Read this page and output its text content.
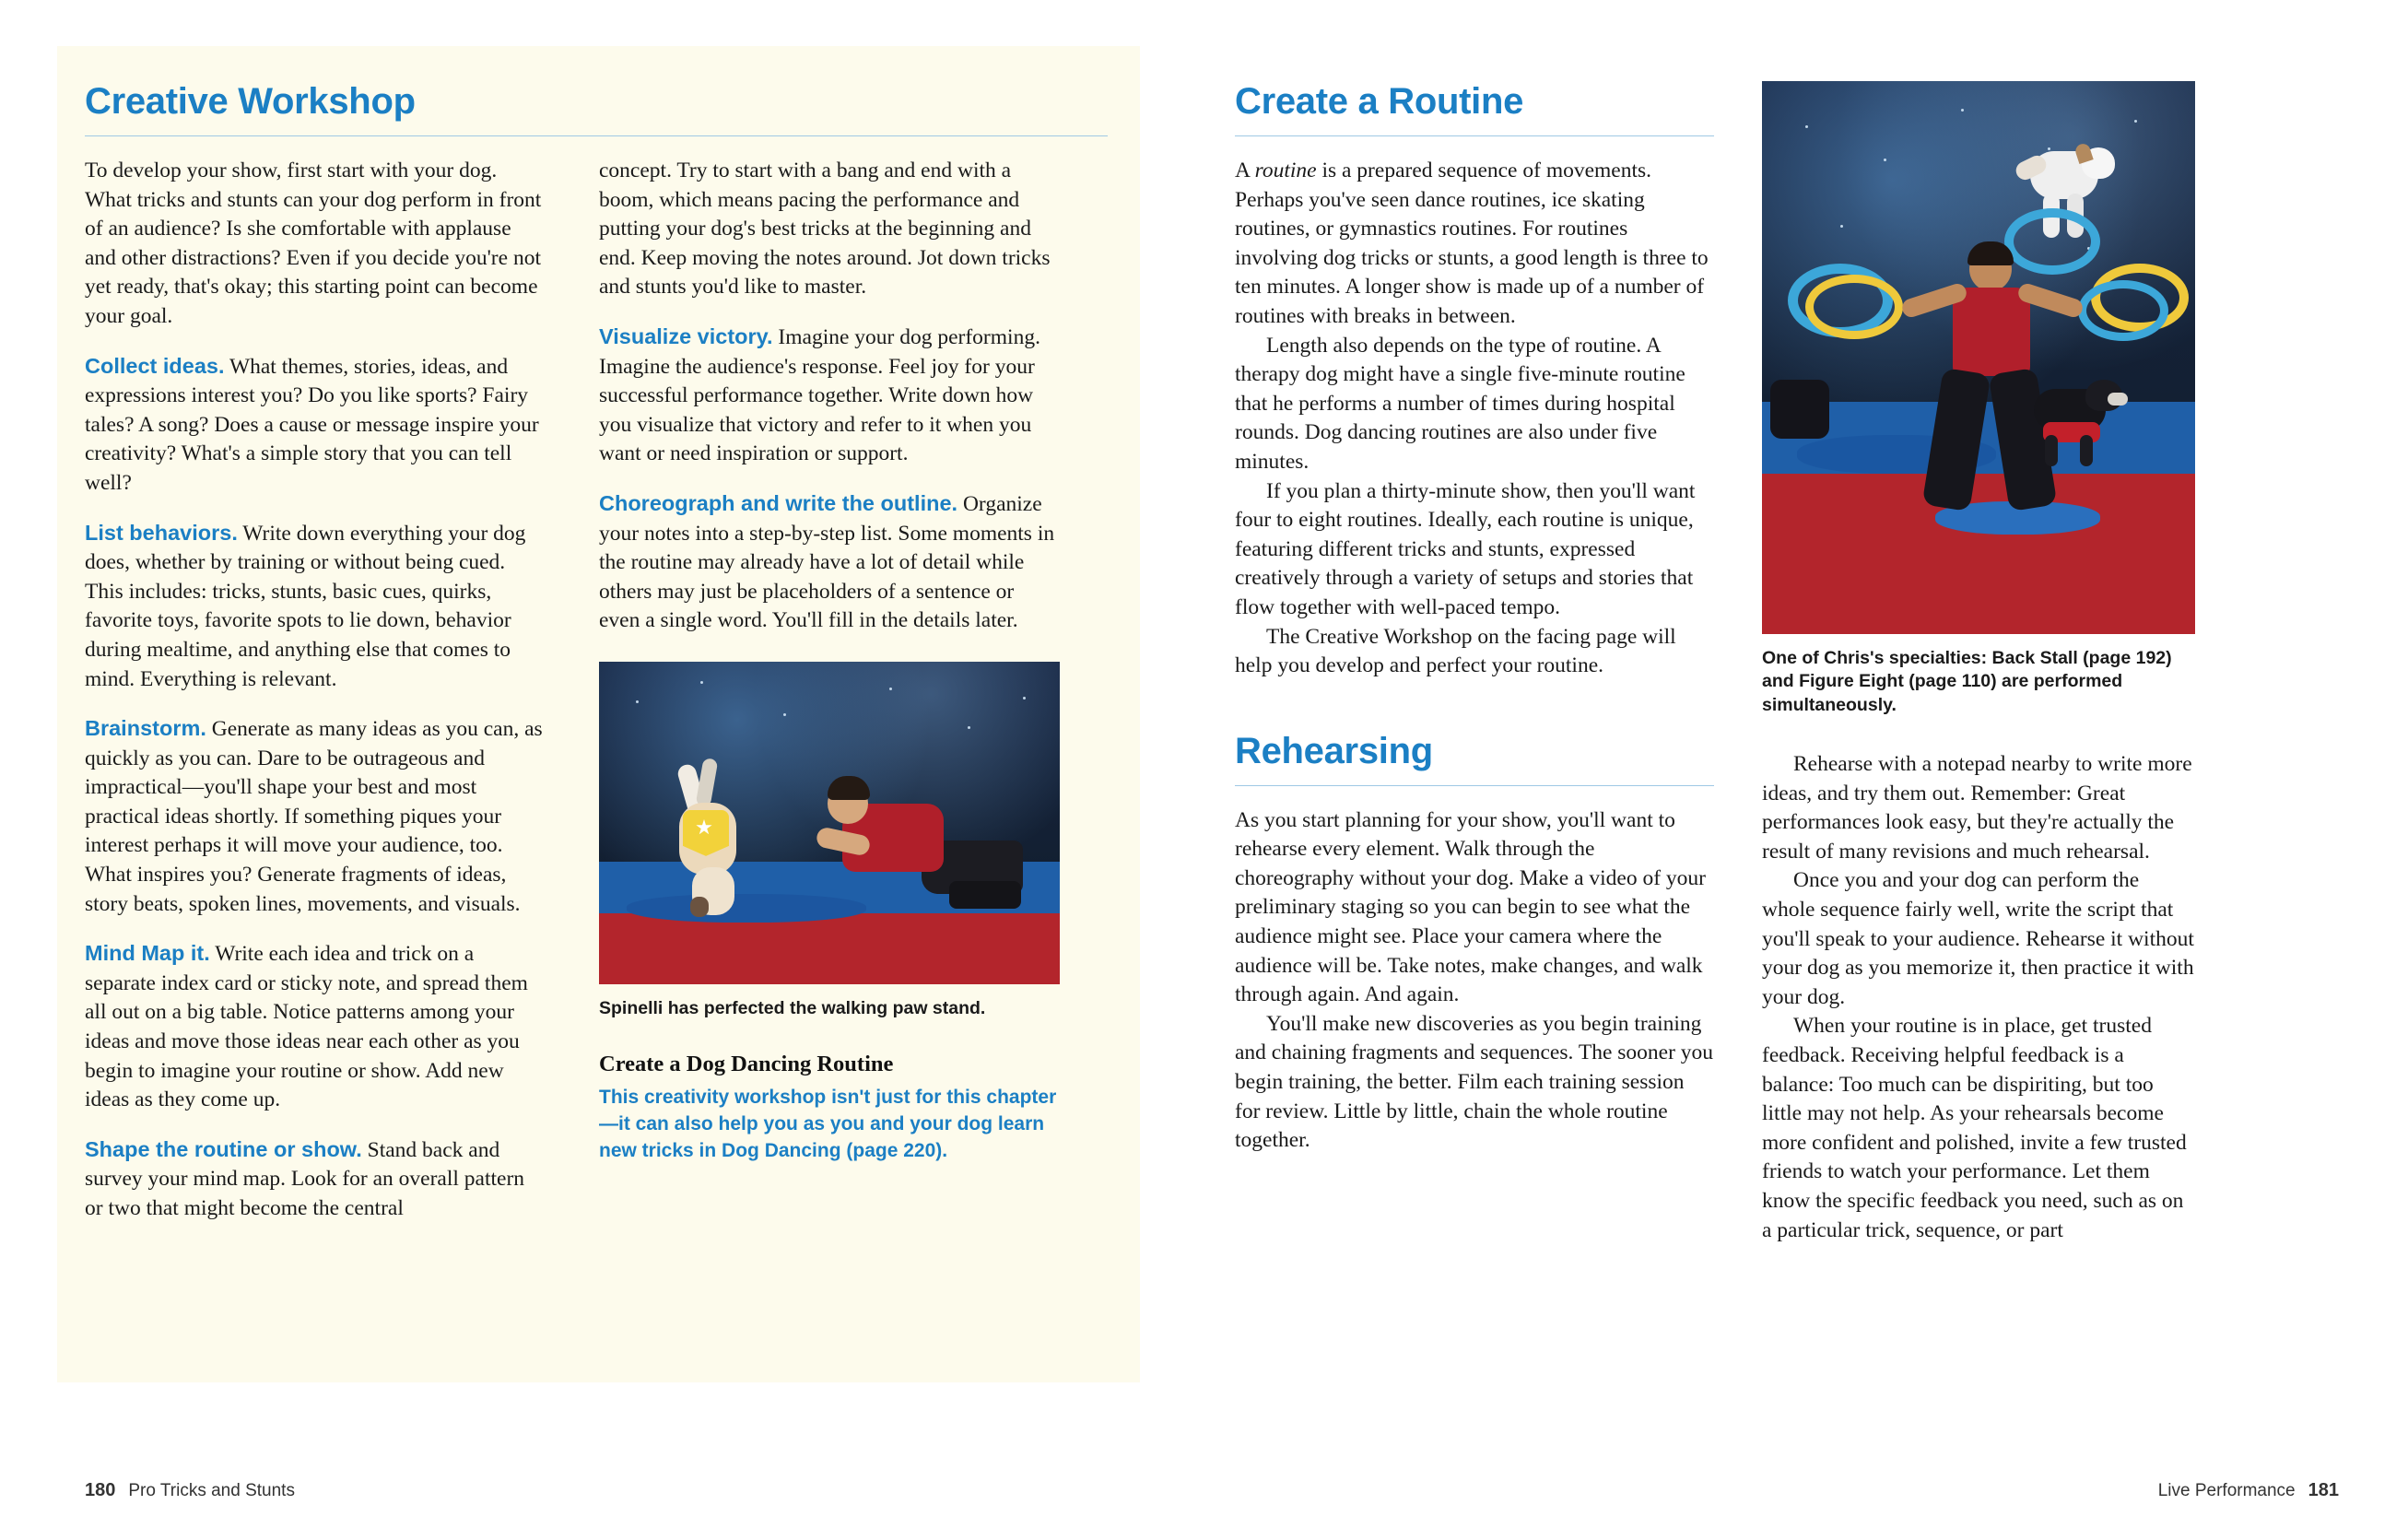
Creative Workshop

To develop your show, first start with your dog. What tricks and stunts can your dog perform in front of an audience? Is she comfortable with applause and other distractions? Even if you decide you're not yet ready, that's okay; this starting point can become your goal.

Collect ideas. What themes, stories, ideas, and expressions interest you? Do you like sports? Fairy tales? A song? Does a cause or message inspire your creativity? What's a simple story that you can tell well?

List behaviors. Write down everything your dog does, whether by training or without being cued. This includes: tricks, stunts, basic cues, quirks, favorite toys, favorite spots to lie down, behavior during mealtime, and anything else that comes to mind. Everything is relevant.

Brainstorm. Generate as many ideas as you can, as quickly as you can. Dare to be outrageous and impractical—you'll shape your best and most practical ideas shortly. If something piques your interest perhaps it will move your audience, too. What inspires you? Generate fragments of ideas, story beats, spoken lines, movements, and visuals.

Mind Map it. Write each idea and trick on a separate index card or sticky note, and spread them all out on a big table. Notice patterns among your ideas and move those ideas near each other as you begin to imagine your routine or show. Add new ideas as they come up.

Shape the routine or show. Stand back and survey your mind map. Look for an overall pattern or two that might become the central

concept. Try to start with a bang and end with a boom, which means pacing the performance and putting your dog's best tricks at the beginning and end. Keep moving the notes around. Jot down tricks and stunts you'd like to master.

Visualize victory. Imagine your dog performing. Imagine the audience's response. Feel joy for your successful performance together. Write down how you visualize that victory and refer to it when you want or need inspiration or support.

Choreograph and write the outline. Organize your notes into a step-by-step list. Some moments in the routine may already have a lot of detail while others may just be placeholders of a sentence or even a single word. You'll fill in the details later.

Spinelli has perfected the walking paw stand.
Create a Dog Dancing Routine
This creativity workshop isn't just for this chapter—it can also help you as you and your dog learn new tricks in Dog Dancing (page 220).
180 Pro Tricks and Stunts
Create a Routine

A routine is a prepared sequence of movements. Perhaps you've seen dance routines, ice skating routines, or gymnastics routines. For routines involving dog tricks or stunts, a good length is three to ten minutes. A longer show is made up of a number of routines with breaks in between.

Length also depends on the type of routine. A therapy dog might have a single five-minute routine that he performs a number of times during hospital rounds. Dog dancing routines are also under five minutes.

If you plan a thirty-minute show, then you'll want four to eight routines. Ideally, each routine is unique, featuring different tricks and stunts, expressed creatively through a variety of setups and stories that flow together with well-paced tempo.

The Creative Workshop on the facing page will help you develop and perfect your routine.

Rehearsing

As you start planning for your show, you'll want to rehearse every element. Walk through the choreography without your dog. Make a video of your preliminary staging so you can begin to see what the audience might see. Place your camera where the audience will be. Take notes, make changes, and walk through again. And again.

You'll make new discoveries as you begin training and chaining fragments and sequences. The sooner you begin training, the better. Film each training session for review. Little by little, chain the whole routine together.

One of Chris's specialties: Back Stall (page 192) and Figure Eight (page 110) are performed simultaneously.

Rehearse with a notepad nearby to write more ideas, and try them out. Remember: Great performances look easy, but they're actually the result of many revisions and much rehearsal.

Once you and your dog can perform the whole sequence fairly well, write the script that you'll speak to your audience. Rehearse it without your dog as you memorize it, then practice it with your dog.

When your routine is in place, get trusted feedback. Receiving helpful feedback is a balance: Too much can be dispiriting, but too little may not help. As your rehearsals become more confident and polished, invite a few trusted friends to watch your performance. Let them know the specific feedback you need, such as on a particular trick, sequence, or part

Live Performance 181
